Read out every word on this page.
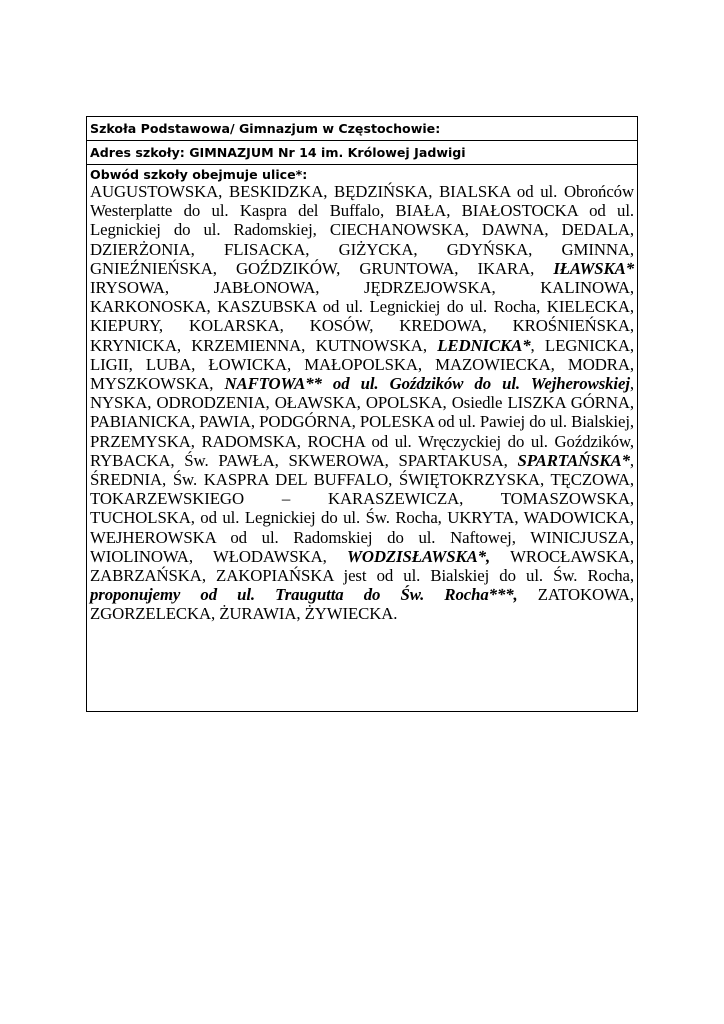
Szkoła Podstawowa/ Gimnazjum w Częstochowie:
Adres szkoły: GIMNAZJUM Nr 14 im. Królowej Jadwigi
Obwód szkoły obejmuje ulice*:
AUGUSTOWSKA, BESKIDZKA, BĘDZIŃSKA, BIALSKA od ul. Obrońców Westerplatte do ul. Kaspra del Buffalo, BIAŁA, BIAŁOSTOCKA od ul. Legnickiej do ul. Radomskiej, CIECHANOWSKA, DAWNA, DEDALA, DZIERŻONIA, FLISACKA, GIŻYCKA, GDYŃSKA, GMINNA, GNIEŹNIEŃSKA, GOŹDZIKÓW, GRUNTOWA, IKARA, IŁAWSKA* IRYSOWA, JABŁONOWA, JĘDRZEJOWSKA, KALINOWA, KARKONOSKA, KASZUBSKA od ul. Legnickiej do ul. Rocha, KIELECKA, KIEPURY, KOLARSKA, KOSÓW, KREDOWA, KROŚNIEŃSKA, KRYNICKA, KRZEMIENNA, KUTNOWSKA, LEDNICKA*, LEGNICKA, LIGII, LUBA, ŁOWICKA, MAŁOPOLSKA, MAZOWIECKA, MODRA, MYSZKOWSKA, NAFTOWA** od ul. Goździków do ul. Wejherowskiej, NYSKA, ODRODZENIA, OŁAWSKA, OPOLSKA, Osiedle LISZKA GÓRNA, PABIANICKA, PAWIA, PODGÓRNA, POLESKA od ul. Pawiej do ul. Bialskiej, PRZEMYSKA, RADOMSKA, ROCHA od ul. Wręczyckiej do ul. Goździków, RYBACKA, Św. PAWŁA, SKWEROWA, SPARTAKUSA, SPARTAŃSKA*, ŚREDNIA, Św. KASPRA DEL BUFFALO, ŚWIĘTOKRZYSKA, TĘCZOWA, TOKARZEWSKIEGO – KARASZEWICZA, TOMASZOWSKA, TUCHOLSKA, od ul. Legnickiej do ul. Św. Rocha, UKRYTA, WADOWICKA, WEJHEROWSKA od ul. Radomskiej do ul. Naftowej, WINICJUSZA, WIOLINOWA, WŁODAWSKA, WODZISŁAWSKA*, WROCŁAWSKA, ZABRZAŃSKA, ZAKOPIAŃSKA jest od ul. Bialskiej do ul. Św. Rocha, proponujemy od ul. Traugutta do Św. Rocha***, ZATOKOWA, ZGORZELECKA, ŻURAWIA, ŻYWIECKA.
